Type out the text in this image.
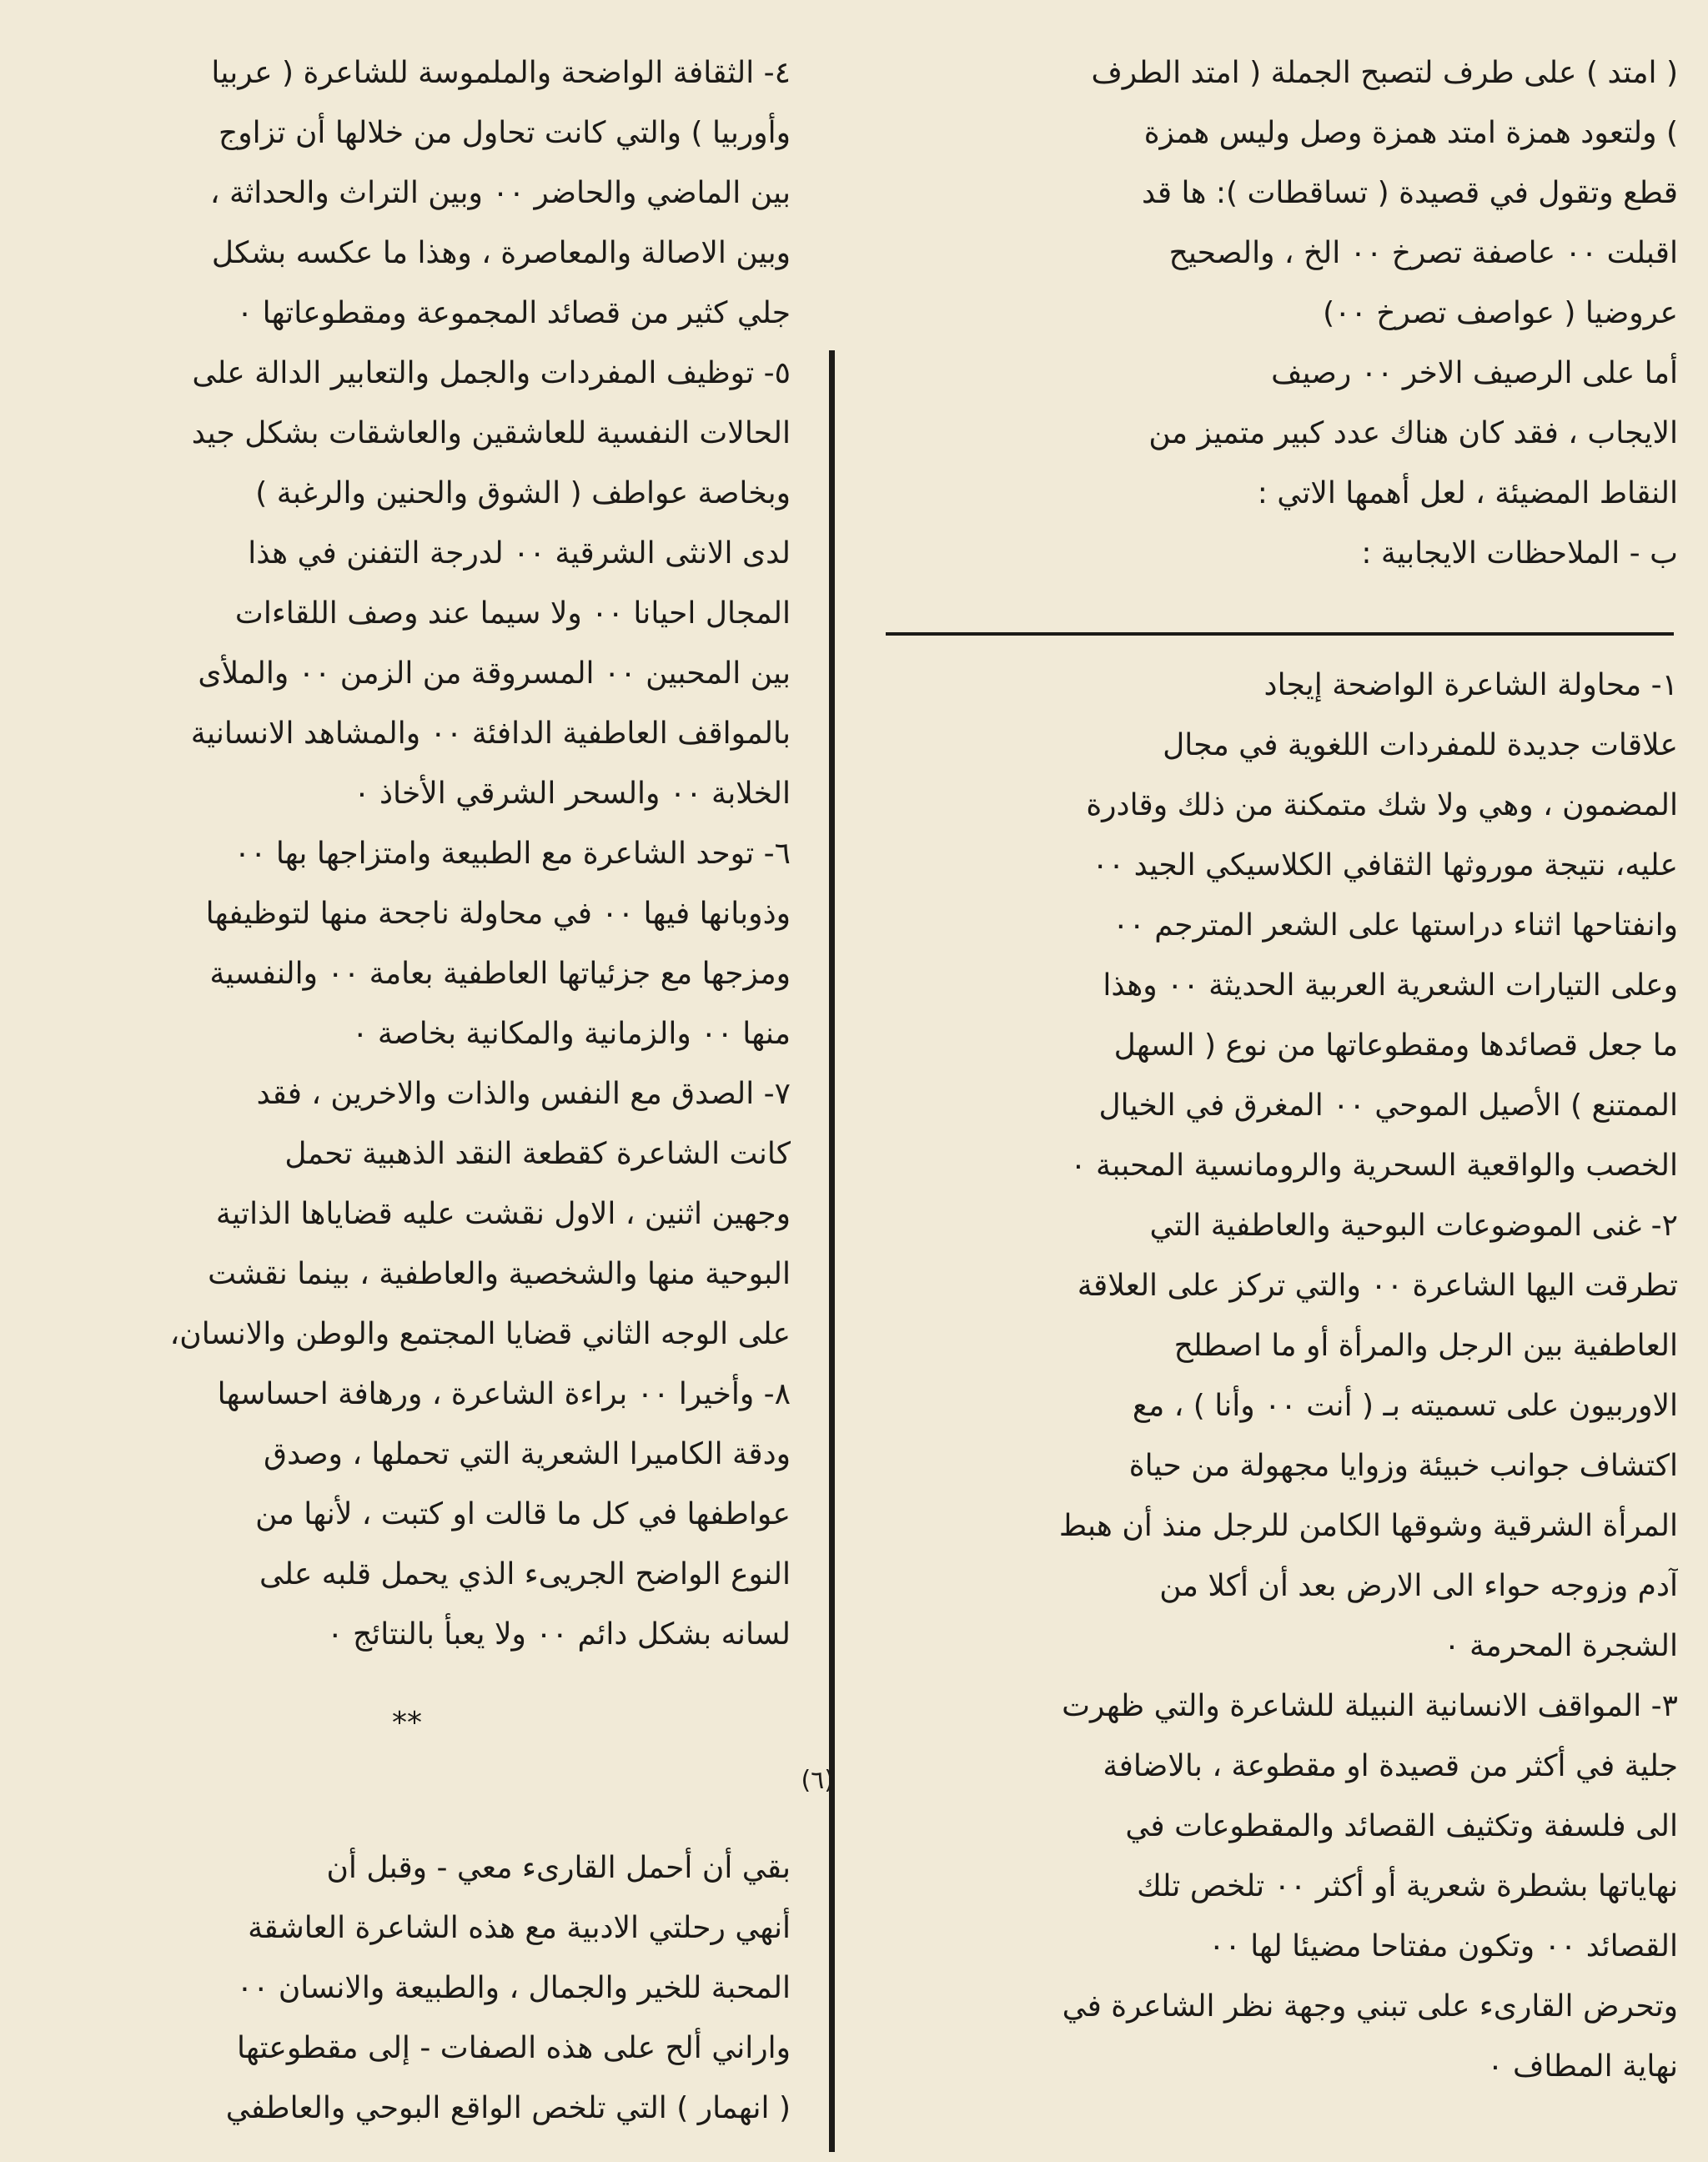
( امتد ) على طرف لتصبح الجملة ( امتد الطرف
) ولتعود همزة امتد همزة وصل وليس همزة
قطع وتقول في قصيدة ( تساقطات ): ها قد
اقبلت ٠٠ عاصفة تصرخ ٠٠ الخ ، والصحيح
عروضيا ( عواصف تصرخ ٠٠)
أما على الرصيف الاخر ٠٠ رصيف
الايجاب ، فقد كان هناك عدد كبير متميز من
النقاط المضيئة ، لعل أهمها الاتي :
ب - الملاحظات الايجابية :
١- محاولة الشاعرة الواضحة إيجاد
علاقات جديدة للمفردات اللغوية في مجال
المضمون ، وهي ولا شك متمكنة من ذلك وقادرة
عليه، نتيجة موروثها الثقافي الكلاسيكي الجيد ٠٠
وانفتاحها اثناء دراستها على الشعر المترجم ٠٠
وعلى التيارات الشعرية العربية الحديثة ٠٠ وهذا
ما جعل قصائدها ومقطوعاتها من نوع ( السهل
الممتنع ) الأصيل الموحي ٠٠ المغرق في الخيال
الخصب والواقعية السحرية والرومانسية المحببة ٠
٢- غنى الموضوعات البوحية والعاطفية التي
تطرقت اليها الشاعرة ٠٠ والتي تركز على العلاقة
العاطفية بين الرجل والمرأة أو ما اصطلح
الاوربيون على تسميته بـ ( أنت ٠٠ وأنا ) ، مع
اكتشاف جوانب خبيئة وزوايا مجهولة من حياة
المرأة الشرقية وشوقها الكامن للرجل منذ أن هبط
آدم وزوجه حواء الى الارض بعد أن أكلا من
الشجرة المحرمة ٠
٣- المواقف الانسانية النبيلة للشاعرة والتي ظهرت
جلية في أكثر من قصيدة او مقطوعة ، بالاضافة
الى فلسفة وتكثيف القصائد والمقطوعات في
نهاياتها بشطرة شعرية أو أكثر ٠٠ تلخص تلك
القصائد ٠٠ وتكون مفتاحا مضيئا لها ٠٠
وتحرض القارىء على تبني وجهة نظر الشاعرة في
نهاية المطاف ٠
٤- الثقافة الواضحة والملموسة للشاعرة ( عربيا
وأوربيا ) والتي كانت تحاول من خلالها أن تزاوج
بين الماضي والحاضر ٠٠ وبين التراث والحداثة ،
وبين الاصالة والمعاصرة ، وهذا ما عكسه بشكل
جلي كثير من قصائد المجموعة ومقطوعاتها ٠
٥- توظيف المفردات والجمل والتعابير الدالة على
الحالات النفسية للعاشقين والعاشقات بشكل جيد
وبخاصة عواطف ( الشوق والحنين والرغبة )
لدى الانثى الشرقية ٠٠ لدرجة التفنن في هذا
المجال احيانا ٠٠ ولا سيما عند وصف اللقاءات
بين المحبين ٠٠ المسروقة من الزمن ٠٠ والملأى
بالمواقف العاطفية الدافئة ٠٠ والمشاهد الانسانية
الخلابة ٠٠ والسحر الشرقي الأخاذ ٠
٦- توحد الشاعرة مع الطبيعة وامتزاجها بها ٠٠
وذوبانها فيها ٠٠ في محاولة ناجحة منها لتوظيفها
ومزجها مع جزئياتها العاطفية بعامة ٠٠ والنفسية
منها ٠٠ والزمانية والمكانية بخاصة ٠
٧- الصدق مع النفس والذات والاخرين ، فقد
كانت الشاعرة كقطعة النقد الذهبية تحمل
وجهين اثنين ، الاول نقشت عليه قضاياها الذاتية
البوحية منها والشخصية والعاطفية ، بينما نقشت
على الوجه الثاني قضايا المجتمع والوطن والانسان،
٨- وأخيرا ٠٠ براءة الشاعرة ، ورهافة احساسها
ودقة الكاميرا الشعرية التي تحملها ، وصدق
عواطفها في كل ما قالت او كتبت ، لأنها من
النوع الواضح الجريىء الذي يحمل قلبه على
لسانه بشكل دائم ٠٠ ولا يعبأ بالنتائج ٠
بقي أن أحمل القارىء معي - وقبل أن
أنهي رحلتي الادبية مع هذه الشاعرة العاشقة
المحبة للخير والجمال ، والطبيعة والانسان ٠٠
واراني ألح على هذه الصفات - إلى مقطوعتها
( انهمار ) التي تلخص الواقع البوحي والعاطفي
**
(٦)
